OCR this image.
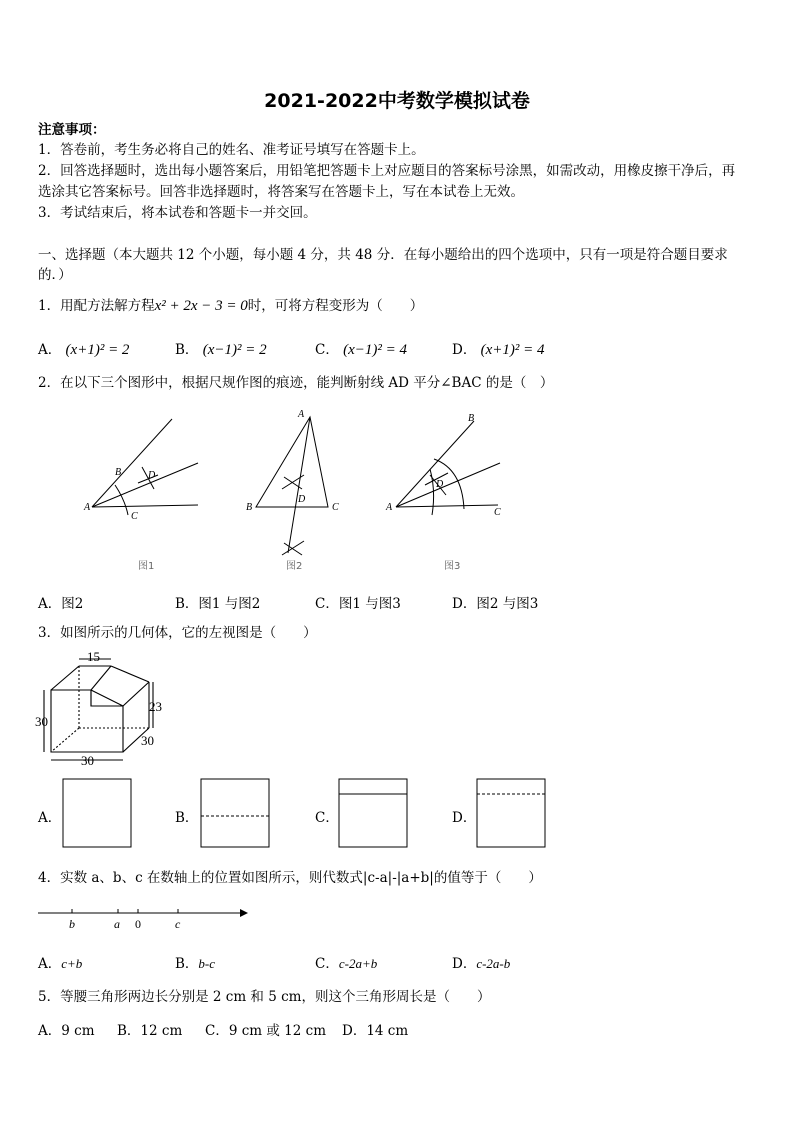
2021-2022中考数学模拟试卷
注意事项：
1．答卷前，考生务必将自己的姓名、准考证号填写在答题卡上。
2．回答选择题时，选出每小题答案后，用铅笔把答题卡上对应题目的答案标号涂黑，如需改动，用橡皮擦干净后，再
选涂其它答案标号。回答非选择题时，将答案写在答题卡上，写在本试卷上无效。
3．考试结束后，将本试卷和答题卡一并交回。
一、选择题（本大题共 12 个小题，每小题 4 分，共 48 分．在每小题给出的四个选项中，只有一项是符合题目要求
的．）
1．用配方法解方程x² + 2x − 3 = 0时，可将方程变形为（　　）
A． (x+1)² = 2	B． (x−1)² = 2	C． (x−1)² = 4	D． (x+1)² = 4
2．在以下三个图形中，根据尺规作图的痕迹，能判断射线 AD 平分∠BAC 的是（　）
A
B	D
C
图1
A
B
D
C
图2
A
B
D
C
图3
A．图2	B．图1 与图2	C．图1 与图3	D．图2 与图3
3．如图所示的几何体，它的左视图是（　　）
15
30
23
30
30
A．	B．	C．	D．
4．实数 a、b、c 在数轴上的位置如图所示，则代数式|c-a|-|a+b|的值等于（　　）
b	a 0	c
A．c+b	B．b-c	C．c-2a+b	D．c-2a-b
5．等腰三角形两边长分别是 2 cm 和 5 cm，则这个三角形周长是（　　）
A．9 cm B．12 cm C．9 cm 或 12 cm D．14 cm
